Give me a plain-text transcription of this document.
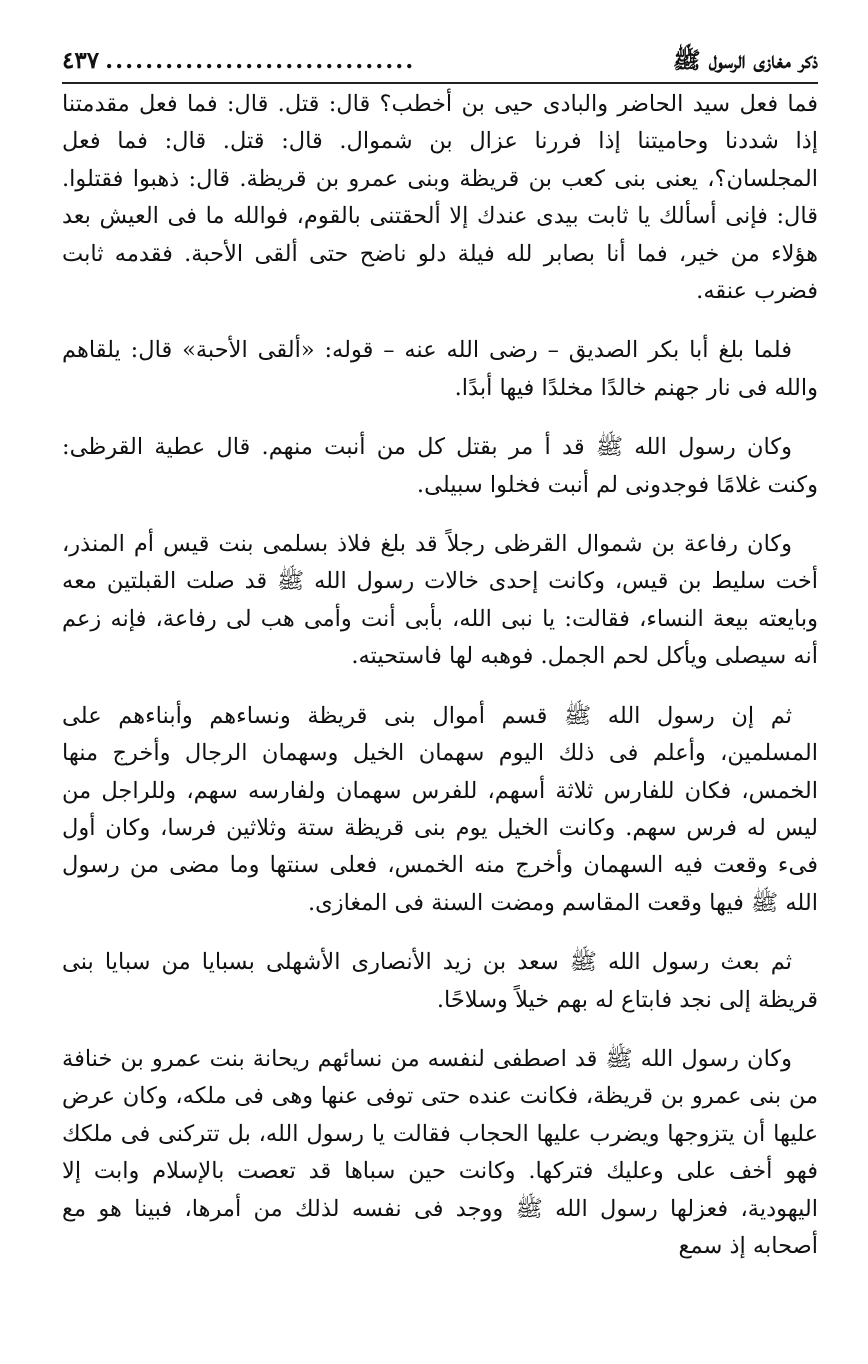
ذكر مغازى الرسول ﷺ
...............................
٤٣٧

فما فعل سيد الحاضر والبادى حيى بن أخطب؟ قال: قتل. قال: فما فعل مقدمتنا إذا شددنا وحاميتنا إذا فررنا عزال بن شموال. قال: قتل. قال: فما فعل المجلسان؟، يعنى بنى كعب بن قريظة وبنى عمرو بن قريظة. قال: ذهبوا فقتلوا. قال: فإنى أسألك يا ثابت بيدى عندك إلا ألحقتنى بالقوم، فوالله ما فى العيش بعد هؤلاء من خير، فما أنا بصابر لله فيلة دلو ناضح حتى ألقى الأحبة. فقدمه ثابت فضرب عنقه.

فلما بلغ أبا بكر الصديق – رضى الله عنه – قوله: «ألقى الأحبة» قال: يلقاهم والله فى نار جهنم خالدًا مخلدًا فيها أبدًا.

وكان رسول الله ﷺ قد أ مر بقتل كل من أنبت منهم. قال عطية القرظى: وكنت غلامًا فوجدونى لم أنبت فخلوا سبيلى.

وكان رفاعة بن شموال القرظى رجلاً قد بلغ فلاذ بسلمى بنت قيس أم المنذر، أخت سليط بن قيس، وكانت إحدى خالات رسول الله ﷺ قد صلت القبلتين معه وبايعته بيعة النساء، فقالت: يا نبى الله، بأبى أنت وأمى هب لى رفاعة، فإنه زعم أنه سيصلى ويأكل لحم الجمل. فوهبه لها فاستحيته.

ثم إن رسول الله ﷺ قسم أموال بنى قريظة ونساءهم وأبناءهم على المسلمين، وأعلم فى ذلك اليوم سهمان الخيل وسهمان الرجال وأخرج منها الخمس، فكان للفارس ثلاثة أسهم، للفرس سهمان ولفارسه سهم، وللراجل من ليس له فرس سهم. وكانت الخيل يوم بنى قريظة ستة وثلاثين فرسا، وكان أول فىء وقعت فيه السهمان وأخرج منه الخمس، فعلى سنتها وما مضى من رسول الله ﷺ فيها وقعت المقاسم ومضت السنة فى المغازى.

ثم بعث رسول الله ﷺ سعد بن زيد الأنصارى الأشهلى بسبايا من سبايا بنى قريظة إلى نجد فابتاع له بهم خيلاً وسلاحًا.

وكان رسول الله ﷺ قد اصطفى لنفسه من نسائهم ريحانة بنت عمرو بن خنافة من بنى عمرو بن قريظة، فكانت عنده حتى توفى عنها وهى فى ملكه، وكان عرض عليها أن يتزوجها ويضرب عليها الحجاب فقالت يا رسول الله، بل تتركنى فى ملكك فهو أخف على وعليك فتركها. وكانت حين سباها قد تعصت بالإسلام وابت إلا اليهودية، فعزلها رسول الله ﷺ ووجد فى نفسه لذلك من أمرها، فبينا هو مع أصحابه إذ سمع
